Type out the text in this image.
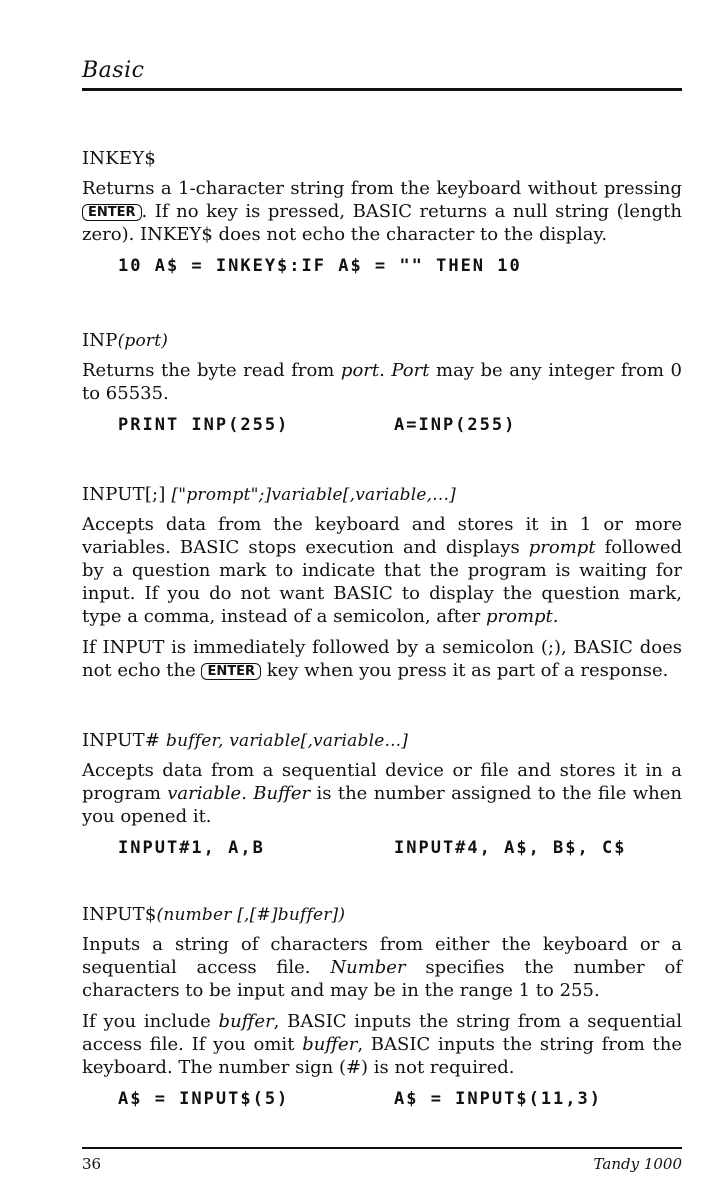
Basic
INKEY$

Returns a 1-character string from the keyboard without pressing ENTER . If no key is pressed, BASIC returns a null string (length zero). INKEY$ does not echo the character to the display.

10 A$ = INKEY$:IF A$ = "" THEN 10
INP(port)

Returns the byte read from port. Port may be any integer from 0 to 65535.

PRINT INP(255)	A=INP(255)
INPUT[;] ["prompt";]variable[,variable,...]

Accepts data from the keyboard and stores it in 1 or more variables. BASIC stops execution and displays prompt followed by a question mark to indicate that the program is waiting for input. If you do not want BASIC to display the question mark, type a comma, instead of a semicolon, after prompt.

If INPUT is immediately followed by a semicolon (;), BASIC does not echo the ENTER key when you press it as part of a response.

INPUT# buffer, variable[,variable...]

Accepts data from a sequential device or file and stores it in a program variable. Buffer is the number assigned to the file when you opened it.

INPUT#1, A,B	INPUT#4, A$, B$, C$
INPUT$(number [,[#]buffer])

Inputs a string of characters from either the keyboard or a sequential access file. Number specifies the number of characters to be input and may be in the range 1 to 255.

If you include buffer, BASIC inputs the string from a sequential access file. If you omit buffer, BASIC inputs the string from the keyboard. The number sign (#) is not required.

A$ = INPUT$(5)	A$ = INPUT$(11,3)
36	Tandy 1000
